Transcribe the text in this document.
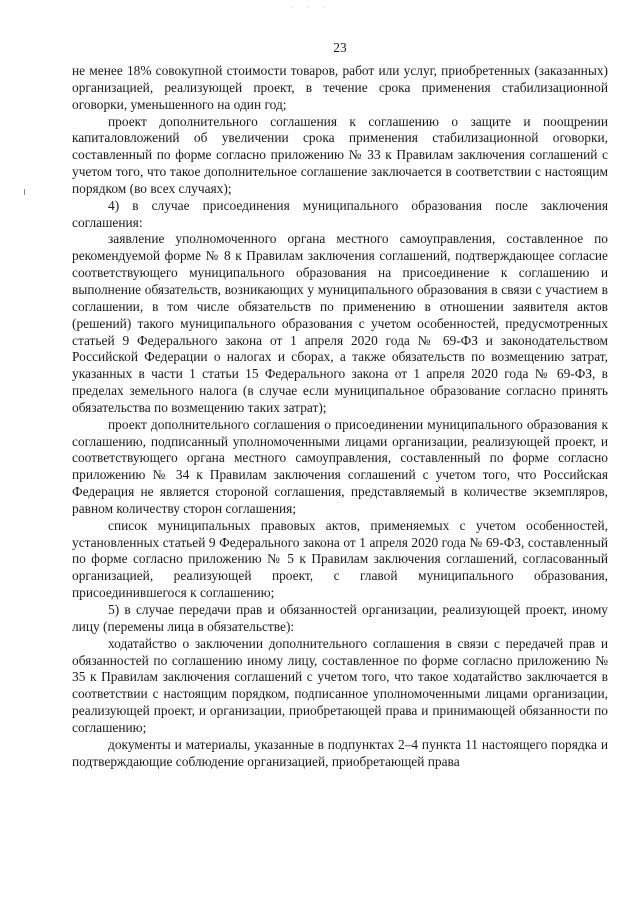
· · ·
23

не менее 18% совокупной стоимости товаров, работ или услуг, приобретенных (заказанных) организацией, реализующей проект, в течение срока применения стабилизационной оговорки, уменьшенного на один год;

проект дополнительного соглашения к соглашению о защите и поощрении капиталовложений об увеличении срока применения стабилизационной оговорки, составленный по форме согласно приложению № 33 к Правилам заключения соглашений с учетом того, что такое дополнительное соглашение заключается в соответствии с настоящим порядком (во всех случаях);

4) в случае присоединения муниципального образования после заключения соглашения:

заявление уполномоченного органа местного самоуправления, составленное по рекомендуемой форме № 8 к Правилам заключения соглашений, подтверждающее согласие соответствующего муниципального образования на присоединение к соглашению и выполнение обязательств, возникающих у муниципального образования в связи с участием в соглашении, в том числе обязательств по применению в отношении заявителя актов (решений) такого муниципального образования с учетом особенностей, предусмотренных статьей 9 Федерального закона от 1 апреля 2020 года № 69-ФЗ и законодательством Российской Федерации о налогах и сборах, а также обязательств по возмещению затрат, указанных в части 1 статьи 15 Федерального закона от 1 апреля 2020 года № 69-ФЗ, в пределах земельного налога (в случае если муниципальное образование согласно принять обязательства по возмещению таких затрат);

проект дополнительного соглашения о присоединении муниципального образования к соглашению, подписанный уполномоченными лицами организации, реализующей проект, и соответствующего органа местного самоуправления, составленный по форме согласно приложению № 34 к Правилам заключения соглашений с учетом того, что Российская Федерация не является стороной соглашения, представляемый в количестве экземпляров, равном количеству сторон соглашения;

список муниципальных правовых актов, применяемых с учетом особенностей, установленных статьей 9 Федерального закона от 1 апреля 2020 года № 69-ФЗ, составленный по форме согласно приложению № 5 к Правилам заключения соглашений, согласованный организацией, реализующей проект, с главой муниципального образования, присоединившегося к соглашению;

5) в случае передачи прав и обязанностей организации, реализующей проект, иному лицу (перемены лица в обязательстве):

ходатайство о заключении дополнительного соглашения в связи с передачей прав и обязанностей по соглашению иному лицу, составленное по форме согласно приложению № 35 к Правилам заключения соглашений с учетом того, что такое ходатайство заключается в соответствии с настоящим порядком, подписанное уполномоченными лицами организации, реализующей проект, и организации, приобретающей права и принимающей обязанности по соглашению;

документы и материалы, указанные в подпунктах 2–4 пункта 11 настоящего порядка и подтверждающие соблюдение организацией, приобретающей права
